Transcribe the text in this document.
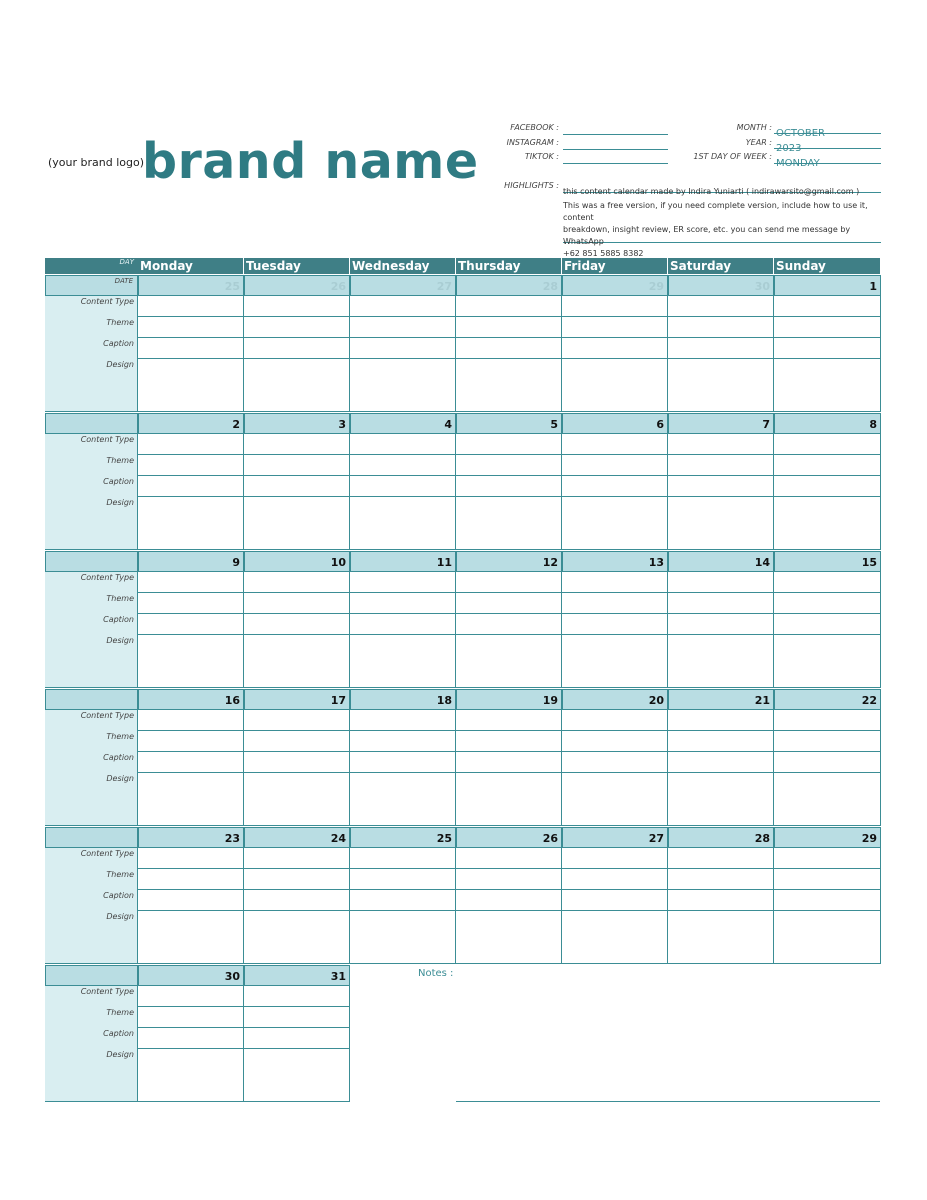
(your brand logo)
brand name
FACEBOOK :
INSTAGRAM :
TIKTOK :
MONTH :
OCTOBER
YEAR :
2023
1ST DAY OF WEEK :
MONDAY
HIGHLIGHTS :
this content calendar made by Indira Yuniarti ( indirawarsito@gmail.com )
This was a free version, if you need complete version, include how to use it, content
breakdown, insight review, ER score, etc. you can send me message by WhatsApp
+62 851 5885 8382
DAY Monday	Tuesday	Wednesday	Thursday	Friday	Saturday	Sunday
DATE	25	26	27	28	29	30	1
Content Type
Theme
Caption
Design
2	3	4	5	6	7	8
Content Type
Theme
Caption
Design
9	10	11	12	13	14	15
Content Type
Theme
Caption
Design
16	17	18	19	20	21	22
Content Type
Theme
Caption
Design
23	24	25	26	27	28	29
Content Type
Theme
Caption
Design
30	31
Content Type
Theme
Caption
Design
Notes :
